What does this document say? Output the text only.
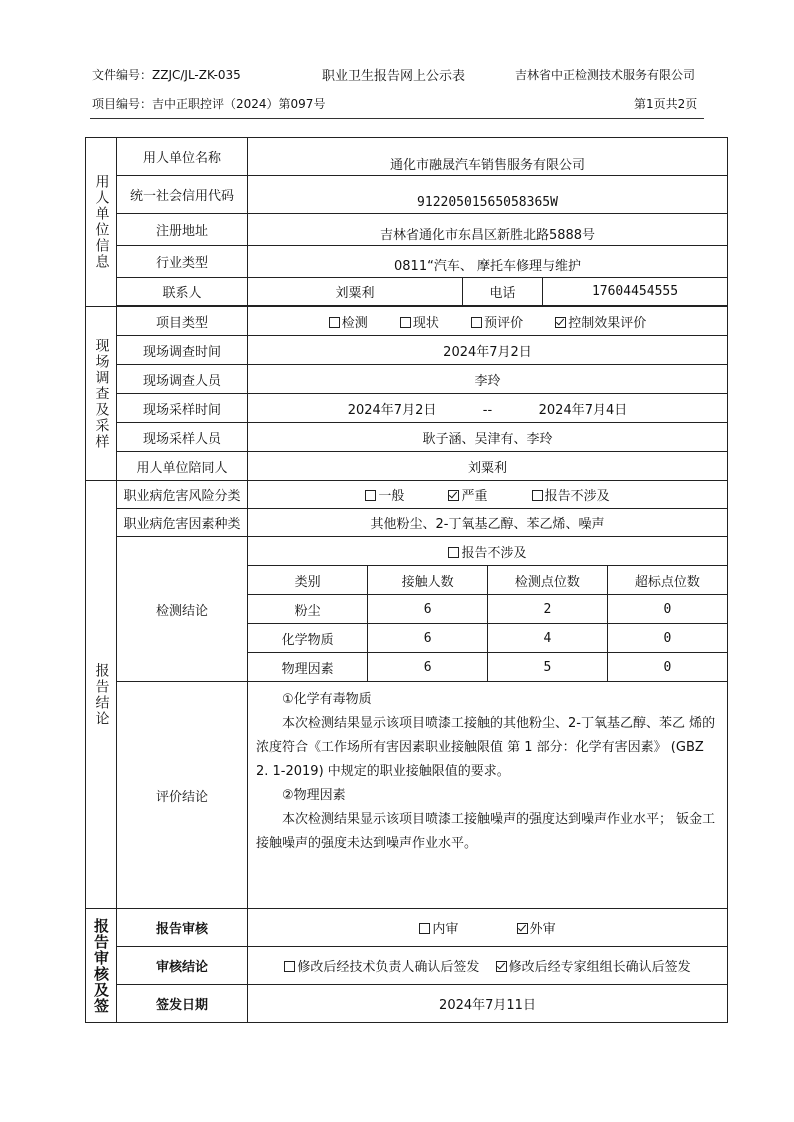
文件编号：ZZJC/JL-ZK-035	职业卫生报告网上公示表	吉林省中正检测技术服务有限公司
项目编号：吉中正职控评（2024）第097号	第1页共2页
用人单位信息
	用人单位名称	通化市融晟汽车销售服务有限公司
统一社会信用代码	91220501565058365W
注册地址	吉林省通化市东昌区新胜北路5888号
行业类型	0811“汽车、 摩托车修理与维护
联系人	刘粟利	电话	17604454555

现场调查及采样
	项目类型	检测	现状	预评价	控制效果评价
现场调查时间	2024年7月2日
现场调查人员	李玲
现场采样时间	2024年7月2日	--	2024年7月4日
现场采样人员	耿子涵、吴津有、李玲
用人单位陪同人	刘粟利

报告结论
	职业病危害风险分类	一般	严重	报告不涉及
职业病危害因素种类	其他粉尘、2-丁氧基乙醇、苯乙烯、噪声
检测结论	
报告不涉及
类别	接触人数	检测点位数	超标点位数
粉尘	6	2	0
化学物质	6	4	0
物理因素	6	5	0

评价结论	

①化学有毒物质

本次检测结果显示该项目喷漆工接触的其他粉尘、2-丁氧基乙醇、苯乙 烯的浓度符合《工作场所有害因素职业接触限值 第 1 部分：化学有害因素》 (GBZ 2. 1-2019) 中规定的职业接触限值的要求。

②物理因素

本次检测结果显示该项目喷漆工接触噪声的强度达到噪声作业水平； 钣金工接触噪声的强度未达到噪声作业水平。

报告审核及签	报告审核	内审	外审
审核结论	修改后经技术负责人确认后签发 修改后经专家组组长确认后签发
签发日期	2024年7月11日
